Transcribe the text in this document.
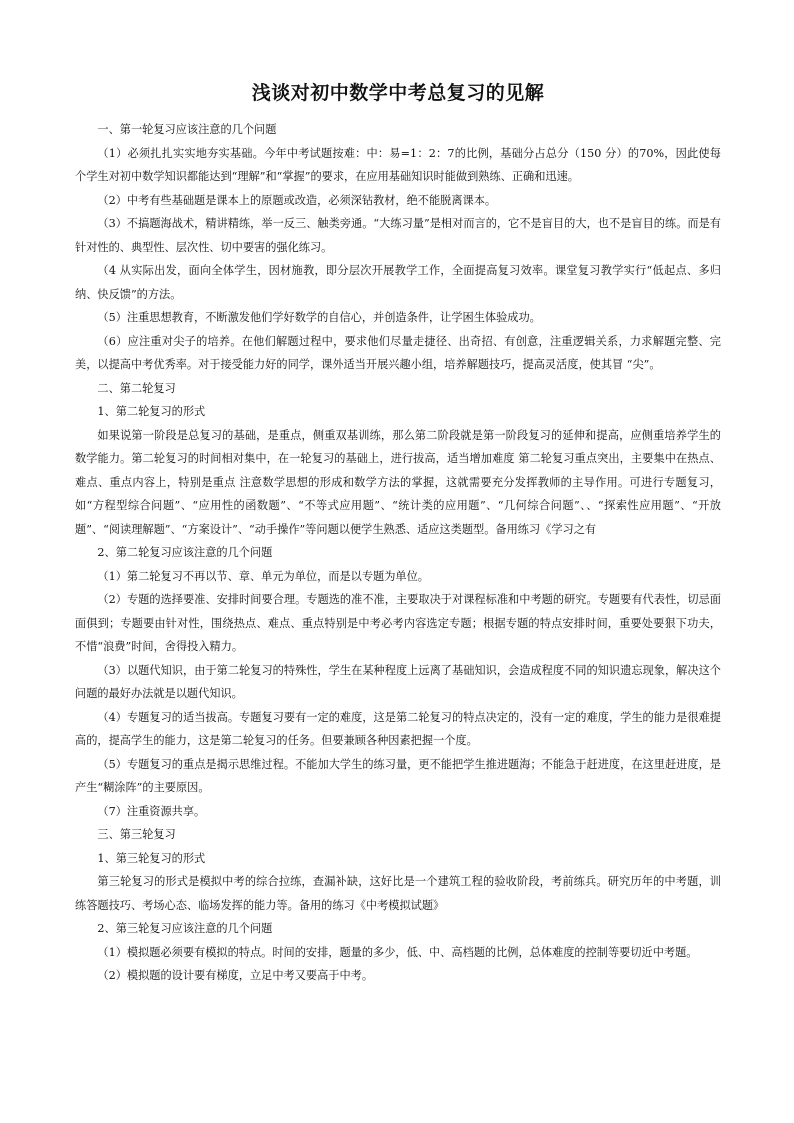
浅谈对初中数学中考总复习的见解

一、第一轮复习应该注意的几个问题

（1）必须扎扎实实地夯实基础。今年中考试题按难：中：易=1：2：7的比例，基础分占总分（150 分）的70%，因此使每个学生对初中数学知识都能达到“理解”和“掌握”的要求，在应用基础知识时能做到熟练、正确和迅速。

（2）中考有些基础题是课本上的原题或改造，必须深钻教材，绝不能脱离课本。

（3）不搞题海战术，精讲精练，举一反三、触类旁通。“大练习量”是相对而言的，它不是盲目的大，也不是盲目的练。而是有针对性的、典型性、层次性、切中要害的强化练习。

（4 从实际出发，面向全体学生，因材施教，即分层次开展教学工作，全面提高复习效率。课堂复习教学实行“低起点、多归纳、快反馈”的方法。

（5）注重思想教育，不断激发他们学好数学的自信心，并创造条件，让学困生体验成功。

（6）应注重对尖子的培养。在他们解题过程中，要求他们尽量走捷径、出奇招、有创意，注重逻辑关系，力求解题完整、完美，以提高中考优秀率。对于接受能力好的同学，课外适当开展兴趣小组，培养解题技巧，提高灵活度，使其冒 “尖”。

二、第二轮复习

1、第二轮复习的形式

如果说第一阶段是总复习的基础，是重点，侧重双基训练，那么第二阶段就是第一阶段复习的延伸和提高，应侧重培养学生的数学能力。第二轮复习的时间相对集中，在一轮复习的基础上，进行拔高，适当增加难度 第二轮复习重点突出，主要集中在热点、难点、重点内容上，特别是重点 注意数学思想的形成和数学方法的掌握，这就需要充分发挥教师的主导作用。可进行专题复习，如“方程型综合问题”、“应用性的函数题”、“不等式应用题”、“统计类的应用题”、“几何综合问题”、、“探索性应用题”、“开放题”、“阅读理解题”、“方案设计”、“动手操作”等问题以便学生熟悉、适应这类题型。备用练习《学习之有

2、第二轮复习应该注意的几个问题

（1）第二轮复习不再以节、章、单元为单位，而是以专题为单位。

（2）专题的选择要准、安排时间要合理。专题选的准不准，主要取决于对课程标准和中考题的研究。专题要有代表性，切忌面面俱到；专题要由针对性，围绕热点、难点、重点特别是中考必考内容选定专题；根据专题的特点安排时间，重要处要狠下功夫，不惜“浪费”时间，舍得投入精力。

（3）以题代知识，由于第二轮复习的特殊性，学生在某种程度上远离了基础知识，会造成程度不同的知识遗忘现象，解决这个问题的最好办法就是以题代知识。

（4）专题复习的适当拔高。专题复习要有一定的难度，这是第二轮复习的特点决定的，没有一定的难度，学生的能力是很难提高的，提高学生的能力，这是第二轮复习的任务。但要兼顾各种因素把握一个度。

（5）专题复习的重点是揭示思维过程。不能加大学生的练习量，更不能把学生推进题海；不能急于赶进度，在这里赶进度，是产生“糊涂阵”的主要原因。

（7）注重资源共享。

三、第三轮复习

1、第三轮复习的形式

第三轮复习的形式是模拟中考的综合拉练，查漏补缺，这好比是一个建筑工程的验收阶段，考前练兵。研究历年的中考题，训练答题技巧、考场心态、临场发挥的能力等。备用的练习《中考模拟试题》

2、第三轮复习应该注意的几个问题

（1）模拟题必须要有模拟的特点。时间的安排，题量的多少，低、中、高档题的比例，总体难度的控制等要切近中考题。

（2）模拟题的设计要有梯度，立足中考又要高于中考。
